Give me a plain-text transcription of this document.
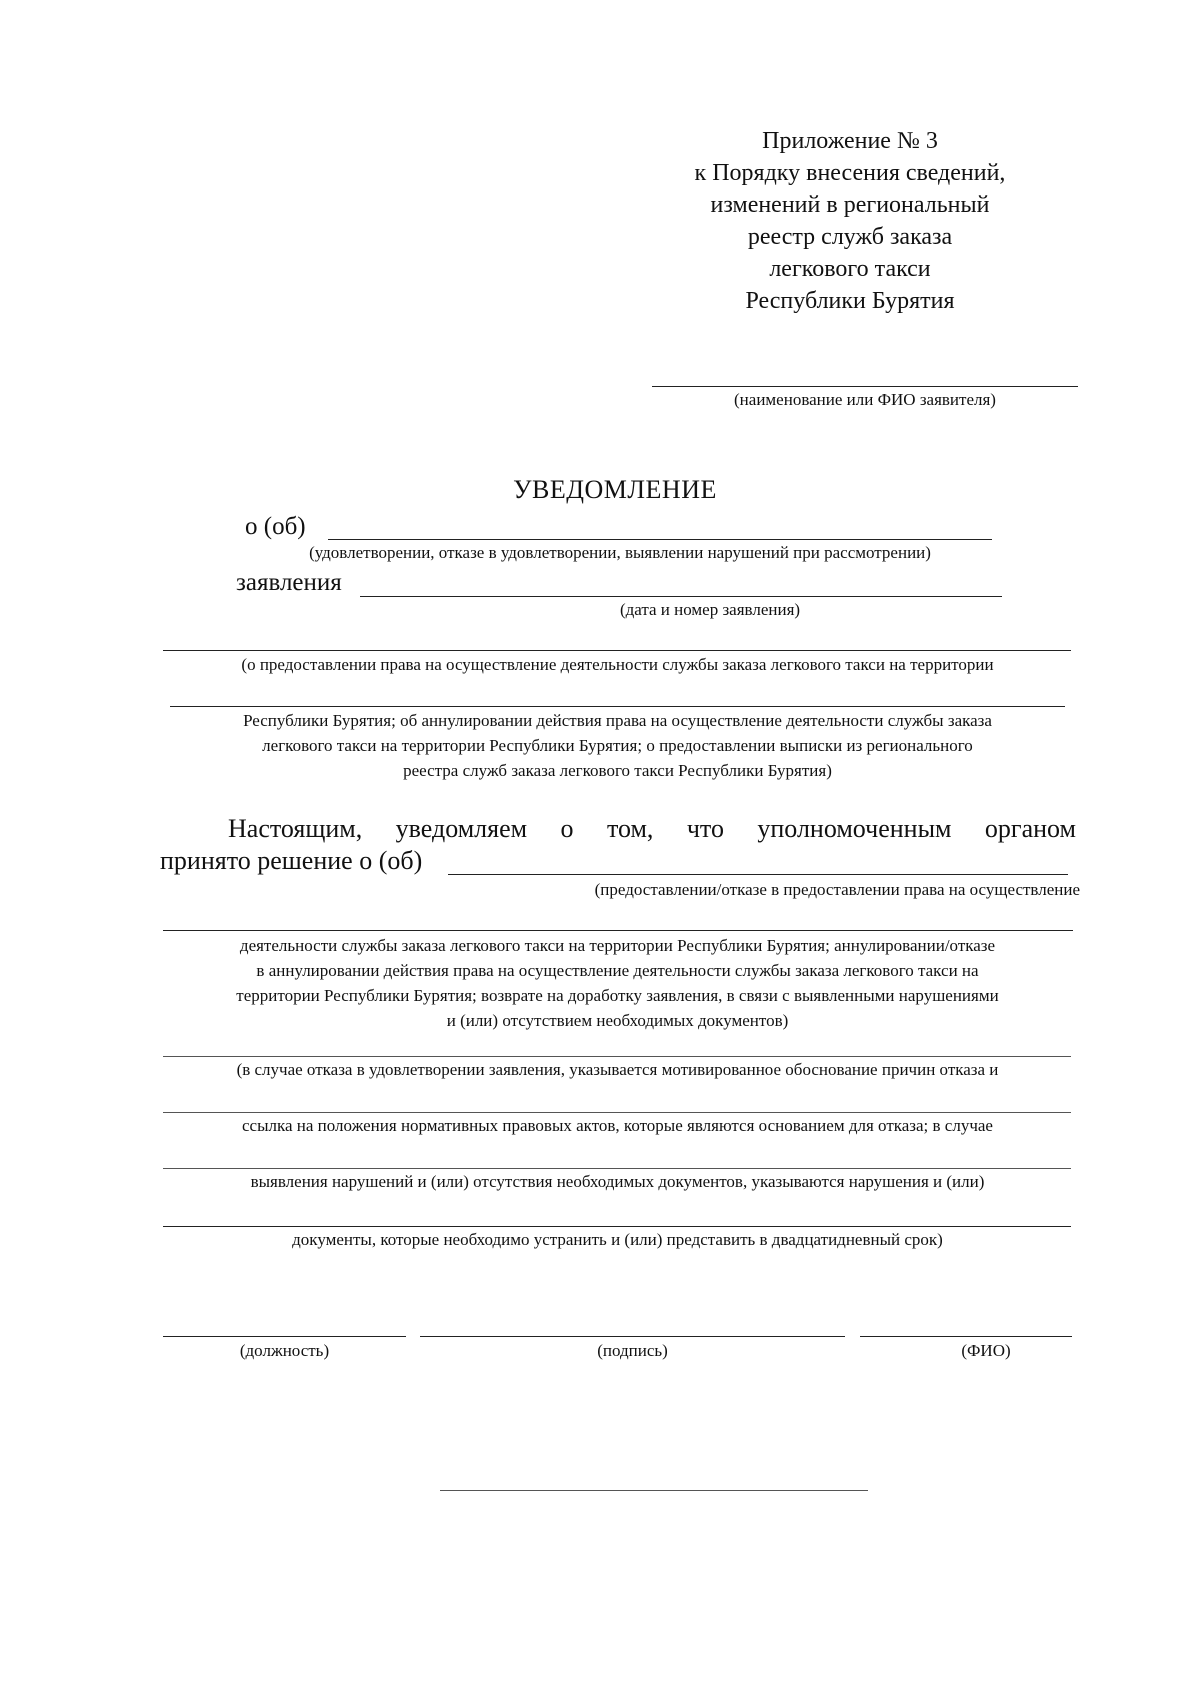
Приложение № 3
к Порядку внесения сведений,
изменений в региональный
реестр служб заказа
легкового такси
Республики Бурятия
(наименование или ФИО заявителя)
УВЕДОМЛЕНИЕ
о (об)
(удовлетворении, отказе в удовлетворении, выявлении нарушений при рассмотрении)
заявления
(дата и номер заявления)
(о предоставлении права на осуществление деятельности службы заказа легкового такси на территории
Республики Бурятия; об аннулировании действия права на осуществление деятельности службы заказа
легкового такси на территории Республики Бурятия; о предоставлении выписки из регионального
реестра служб заказа легкового такси Республики Бурятия)
Настоящим, уведомляем о том, что уполномоченным органом
принято решение о (об)
(предоставлении/отказе в предоставлении права на осуществление
деятельности службы заказа легкового такси на территории Республики Бурятия; аннулировании/отказе
в аннулировании действия права на осуществление деятельности службы заказа легкового такси на
территории Республики Бурятия; возврате на доработку заявления, в связи с выявленными нарушениями
и (или) отсутствием необходимых документов)
(в случае отказа в удовлетворении заявления, указывается мотивированное обоснование причин отказа и
ссылка на положения нормативных правовых актов, которые являются основанием для отказа; в случае
выявления нарушений и (или) отсутствия необходимых документов, указываются нарушения и (или)
документы, которые необходимо устранить и (или) представить в двадцатидневный срок)
(должность)	(подпись)	(ФИО)
